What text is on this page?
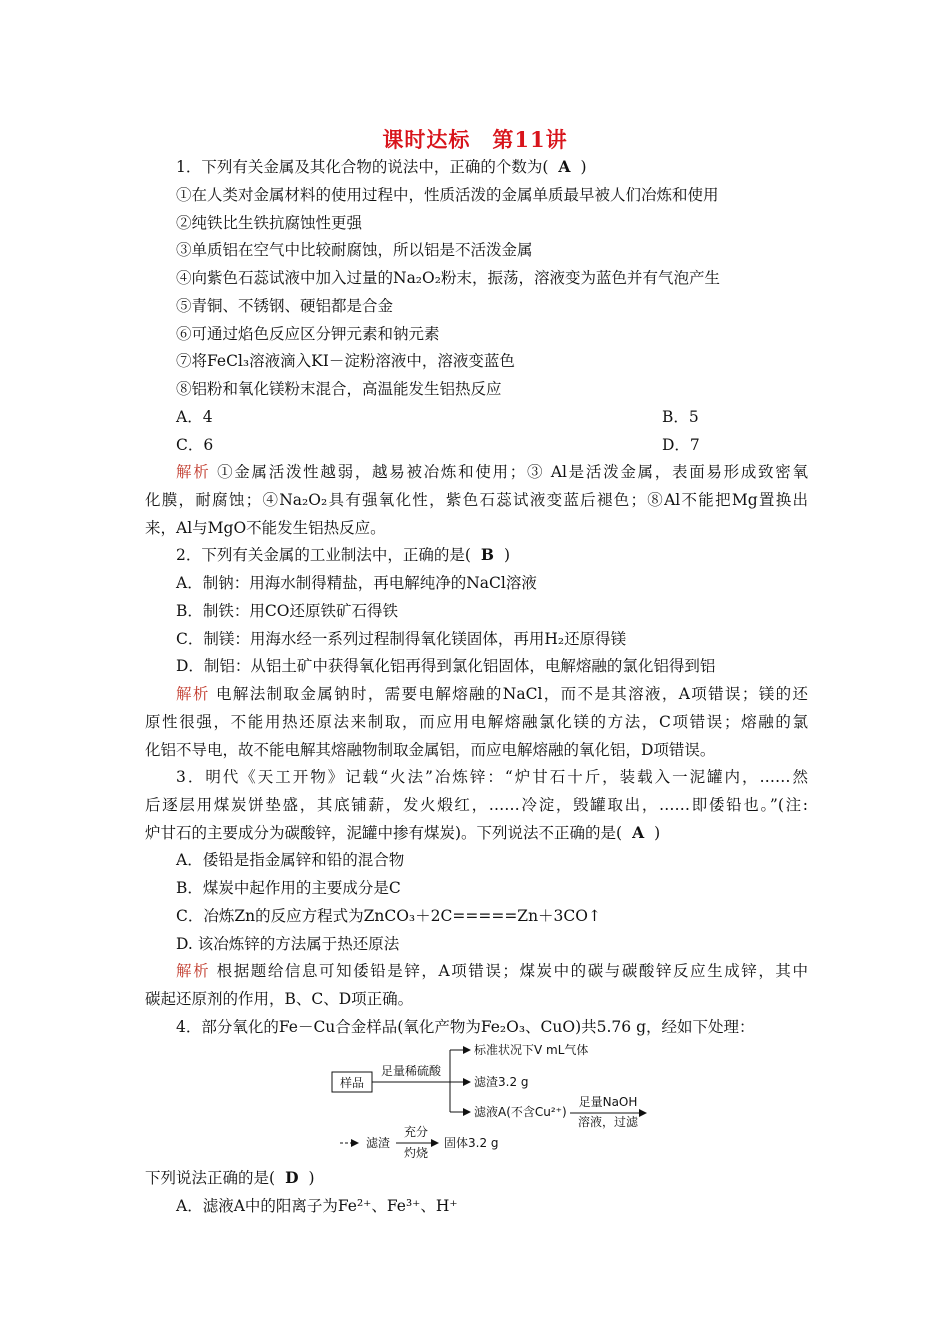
课时达标　第11讲
1．下列有关金属及其化合物的说法中，正确的个数为( A )
①在人类对金属材料的使用过程中，性质活泼的金属单质最早被人们冶炼和使用
②纯铁比生铁抗腐蚀性更强
③单质铝在空气中比较耐腐蚀，所以铝是不活泼金属
④向紫色石蕊试液中加入过量的Na₂O₂粉末，振荡，溶液变为蓝色并有气泡产生
⑤青铜、不锈钢、硬铝都是合金
⑥可通过焰色反应区分钾元素和钠元素
⑦将FeCl₃溶液滴入KI－淀粉溶液中，溶液变蓝色
⑧铝粉和氧化镁粉末混合，高温能发生铝热反应
A．4	B．5
C．6	D．7
解析 ①金属活泼性越弱，越易被冶炼和使用；③ Al是活泼金属，表面易形成致密氧
化膜，耐腐蚀；④Na₂O₂具有强氧化性，紫色石蕊试液变蓝后褪色；⑧Al不能把Mg置换出
来，Al与MgO不能发生铝热反应。
2．下列有关金属的工业制法中，正确的是( B )
A．制钠：用海水制得精盐，再电解纯净的NaCl溶液
B．制铁：用CO还原铁矿石得铁
C．制镁：用海水经一系列过程制得氧化镁固体，再用H₂还原得镁
D．制铝：从铝土矿中获得氧化铝再得到氯化铝固体，电解熔融的氯化铝得到铝
解析 电解法制取金属钠时，需要电解熔融的NaCl，而不是其溶液，A项错误；镁的还
原性很强，不能用热还原法来制取，而应用电解熔融氯化镁的方法，C项错误；熔融的氯
化铝不导电，故不能电解其熔融物制取金属铝，而应电解熔融的氧化铝，D项错误。
3．明代《天工开物》记载“火法”冶炼锌：“炉甘石十斤，装载入一泥罐内，……然
后逐层用煤炭饼垫盛，其底铺薪，发火煅红，……冷淀，毁罐取出，……即倭铅也。”(注:
炉甘石的主要成分为碳酸锌，泥罐中掺有煤炭)。下列说法不正确的是( A )
A．倭铅是指金属锌和铅的混合物
B．煤炭中起作用的主要成分是C
C．冶炼Zn的反应方程式为ZnCO₃＋2C=====Zn＋3CO↑
D. 该冶炼锌的方法属于热还原法
解析 根据题给信息可知倭铅是锌，A项错误；煤炭中的碳与碳酸锌反应生成锌，其中
碳起还原剂的作用，B、C、D项正确。
4．部分氧化的Fe－Cu合金样品(氧化产物为Fe₂O₃、CuO)共5.76 g，经如下处理：
样品
足量稀硫酸
标准状况下V mL气体
滤渣3.2 g
滤液A(不含Cu²⁺)
足量NaOH
溶液，过滤
滤渣
充分
灼烧
固体3.2 g
下列说法正确的是( D )
A．滤液A中的阳离子为Fe²⁺、Fe³⁺、H⁺
